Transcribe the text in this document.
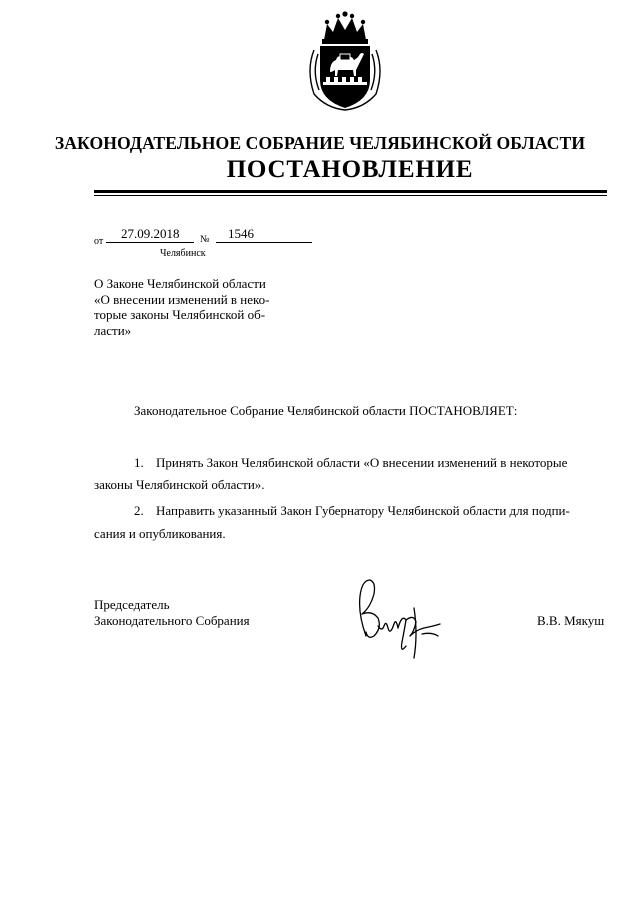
ЗАКОНОДАТЕЛЬНОЕ СОБРАНИЕ ЧЕЛЯБИНСКОЙ ОБЛАСТИ
ПОСТАНОВЛЕНИЕ
от
27.09.2018 № 1546
Челябинск
О Законе Челябинской области
«О внесении изменений в неко-
торые законы Челябинской об-
ласти»
Законодательное Собрание Челябинской области ПОСТАНОВЛЯЕТ:
1. Принять Закон Челябинской области «О внесении изменений в некоторые
законы Челябинской области».
2. Направить указанный Закон Губернатору Челябинской области для подпи-
сания и опубликования.
Председатель
Законодательного Собрания	В.В. Мякуш
